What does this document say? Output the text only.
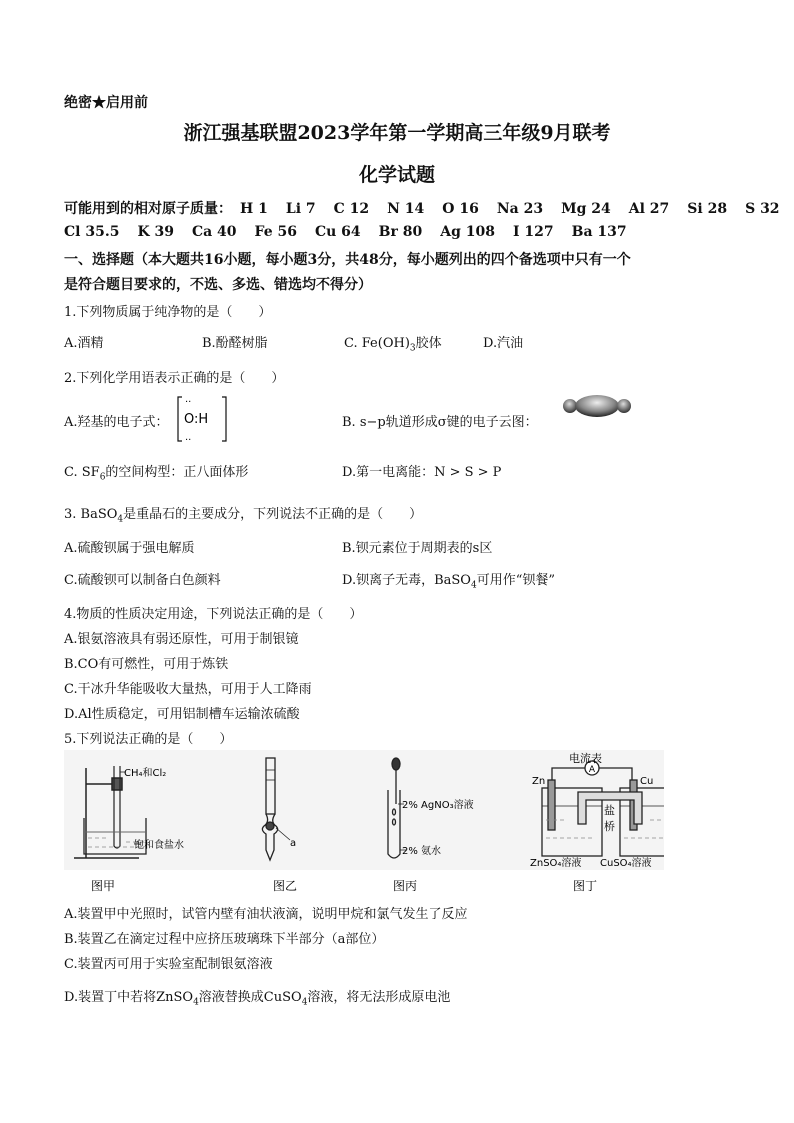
绝密★启用前
浙江强基联盟2023学年第一学期高三年级9月联考
化学试题
可能用到的相对原子质量： H 1 Li 7 C 12 N 14 O 16 Na 23 Mg 24 Al 27 Si 28 S 32
Cl 35.5 K 39 Ca 40 Fe 56 Cu 64 Br 80 Ag 108 I 127 Ba 137
一、选择题（本大题共16小题，每小题3分，共48分，每小题列出的四个备选项中只有一个
是符合题目要求的，不选、多选、错选均不得分）
1.下列物质属于纯净物的是（　　）
A.酒精	B.酚醛树脂	C. $Fe(OH)_3$胶体	D.汽油
2.下列化学用语表示正确的是（　　）
A.羟基的电子式：
··
··
O:H	B. s−p轨道形成σ键的电子云图：
C. $SF_6$的空间构型：正八面体形	D.第一电离能：N > S > P
3. BaSO$_4$是重晶石的主要成分，下列说法不正确的是（　　）
A.硫酸钡属于强电解质	B.钡元素位于周期表的s区
C.硫酸钡可以制备白色颜料	D.钡离子无毒，BaSO$_4$可用作“钡餐”
4.物质的性质决定用途，下列说法正确的是（　　）
A.银氨溶液具有弱还原性，可用于制银镜
B.CO有可燃性，可用于炼铁
C.干冰升华能吸收大量热，可用于人工降雨
D.Al性质稳定，可用铝制槽车运输浓硫酸
5.下列说法正确的是（　　）
CH₄和Cl₂
饱和食盐水	a
2% AgNO₃溶液
2% 氨水
A
电流表
Zn	Cu
盐
桥
ZnSO₄溶液 CuSO₄溶液
图甲	图乙	图丙	图丁
A.装置甲中光照时，试管内壁有油状液滴，说明甲烷和氯气发生了反应
B.装置乙在滴定过程中应挤压玻璃珠下半部分（a部位）
C.装置丙可用于实验室配制银氨溶液
D.装置丁中若将ZnSO$_4$溶液替换成CuSO$_4$溶液，将无法形成原电池
